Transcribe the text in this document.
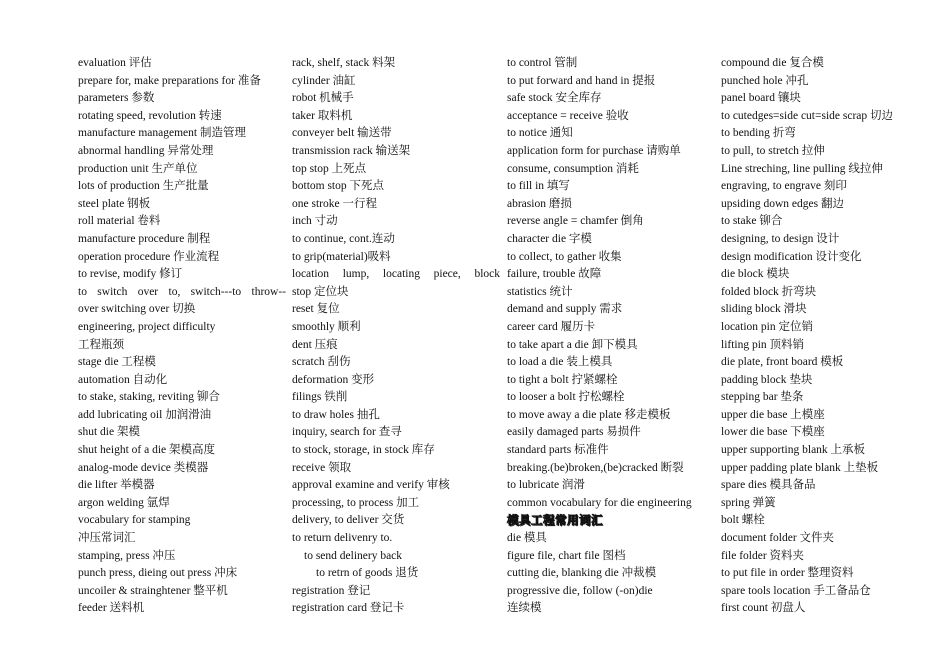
evaluation 评估
prepare for, make preparations for 准备
parameters 参数
rotating speed, revolution 转速
manufacture management 制造管理
abnormal handling 异常处理
production unit 生产单位
lots of production 生产批量
steel plate 钢板
roll material 卷料
manufacture procedure 制程
operation procedure 作业流程
to revise, modify 修订
to switch over to, switch---to throw--
over switching over 切换
engineering, project difficulty
工程瓶颈
stage die 工程模
automation 自动化
to stake, staking, reviting 铆合
add lubricating oil 加润滑油
shut die 架模
shut height of a die 架模高度
analog-mode device 类模器
die lifter 举模器
argon welding 氩焊
vocabulary for stamping
冲压常词汇
stamping, press 冲压
punch press, dieing out press 冲床
uncoiler & strainghtener 整平机
feeder 送料机
rack, shelf, stack 料架
cylinder 油缸
robot 机械手
taker 取料机
conveyer belt 输送带
transmission rack 输送架
top stop 上死点
bottom stop 下死点
one stroke 一行程
inch 寸动
to continue, cont.连动
to grip(material)吸料
location lump, locating piece, block
stop 定位块
reset 复位
smoothly 顺利
dent 压痕
scratch 刮伤
deformation 变形
filings 铁削
to draw holes 抽孔
inquiry, search for 查寻
to stock, storage, in stock 库存
receive 领取
approval examine and verify 审核
processing, to process 加工
delivery, to deliver 交货
to return delivenry to.
to send delinery back
to retrn of goods 退货
registration 登记
registration card 登记卡
to control 管制
to put forward and hand in 提报
safe stock 安全库存
acceptance = receive 验收
to notice 通知
application form for purchase 请购单
consume, consumption 消耗
to fill in 填写
abrasion 磨损
reverse angle = chamfer 倒角
character die 字模
to collect, to gather 收集
failure, trouble 故障
statistics 统计
demand and supply 需求
career card 履历卡
to take apart a die 卸下模具
to load a die 装上模具
to tight a bolt 拧紧螺栓
to looser a bolt 拧松螺栓
to move away a die plate 移走模板
easily damaged parts 易损件
standard parts 标准件
breaking.(be)broken,(be)cracked 断裂
to lubricate 润滑
common vocabulary for die engineering
模具工程常用词汇
die 模具
figure file, chart file 图档
cutting die, blanking die 冲裁模
progressive die, follow (-on)die
连续模
compound die 复合模
punched hole 冲孔
panel board 镶块
to cutedges=side cut=side scrap 切边
to bending 折弯
to pull, to stretch 拉伸
Line streching, line pulling 线拉伸
engraving, to engrave 刻印
upsiding down edges 翻边
to stake 铆合
designing, to design 设计
design modification 设计变化
die block 模块
folded block 折弯块
sliding block 滑块
location pin 定位销
lifting pin 顶料销
die plate, front board 模板
padding block 垫块
stepping bar 垫条
upper die base 上模座
lower die base 下模座
upper supporting blank 上承板
upper padding plate blank 上垫板
spare dies 模具备品
spring 弹簧
bolt 螺栓
document folder 文件夹
file folder 资料夹
to put file in order 整理资料
spare tools location 手工备品仓
first count 初盘人
